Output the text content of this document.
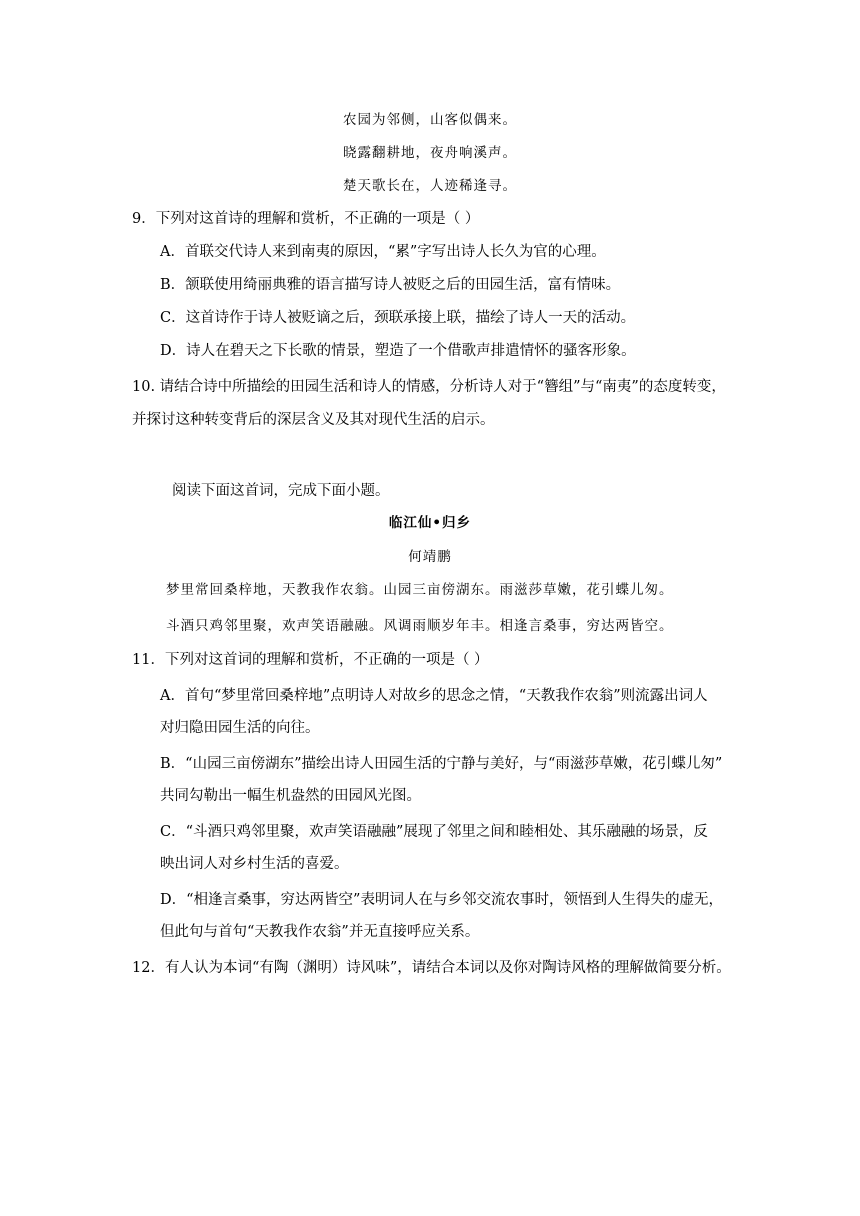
农园为邻侧，山客似偶来。
晓露翻耕地，夜舟响溪声。
楚天歌长在，人迹稀逢寻。
9．下列对这首诗的理解和赏析，不正确的一项是（ ）
A．首联交代诗人来到南夷的原因，“累”字写出诗人长久为官的心理。
B．颔联使用绮丽典雅的语言描写诗人被贬之后的田园生活，富有情味。
C．这首诗作于诗人被贬谪之后，颈联承接上联，描绘了诗人一天的活动。
D．诗人在碧天之下长歌的情景，塑造了一个借歌声排遣情怀的骚客形象。
10. 请结合诗中所描绘的田园生活和诗人的情感，分析诗人对于“簪组”与“南夷”的态度转变，
并探讨这种转变背后的深层含义及其对现代生活的启示。
阅读下面这首词，完成下面小题。
临江仙•归乡
何靖鹏
梦里常回桑梓地，天教我作农翁。山园三亩傍湖东。雨滋莎草嫩，花引蝶儿匆。
斗酒只鸡邻里聚，欢声笑语融融。风调雨顺岁年丰。相逢言桑事，穷达两皆空。
11．下列对这首词的理解和赏析，不正确的一项是（ ）
A．首句“梦里常回桑梓地”点明诗人对故乡的思念之情，“天教我作农翁”则流露出词人
对归隐田园生活的向往。
B．“山园三亩傍湖东”描绘出诗人田园生活的宁静与美好，与“雨滋莎草嫩，花引蝶儿匆”
共同勾勒出一幅生机盎然的田园风光图。
C．“斗酒只鸡邻里聚，欢声笑语融融”展现了邻里之间和睦相处、其乐融融的场景，反
映出词人对乡村生活的喜爱。
D．“相逢言桑事，穷达两皆空”表明词人在与乡邻交流农事时，领悟到人生得失的虚无，
但此句与首句“天教我作农翁”并无直接呼应关系。
12．有人认为本词“有陶（渊明）诗风味”，请结合本词以及你对陶诗风格的理解做简要分析。
